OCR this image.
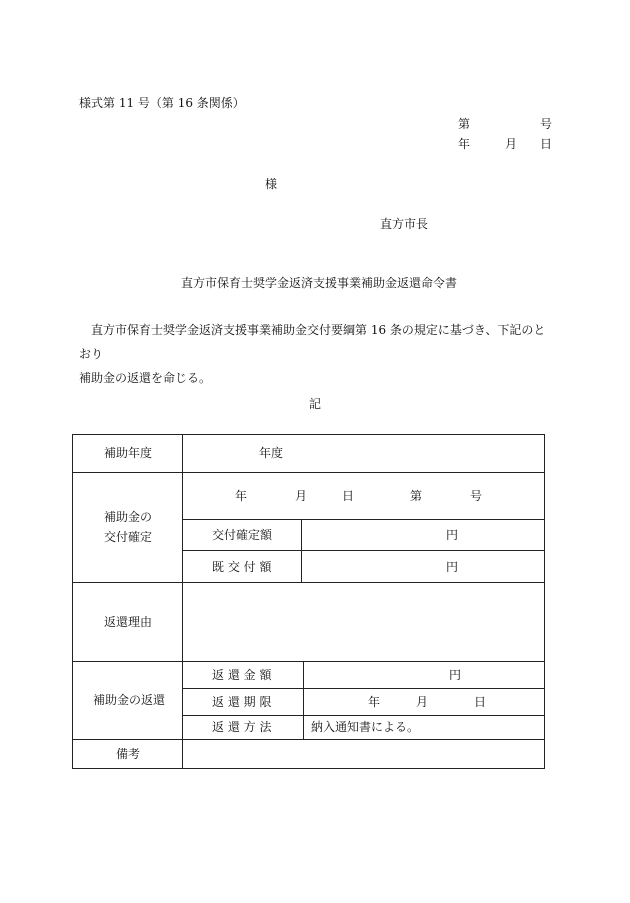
様式第 11 号（第 16 条関係）
第	号
年	月 日
様
直方市長
直方市保育士奨学金返済支援事業補助金返還命令書
直方市保育士奨学金返済支援事業補助金交付要綱第 16 条の規定に基づき、下記のとおり
補助金の返還を命じる。
記
補助年度	年度
補助金の
交付確定
年	月	日	第	号
交付確定額	円
既 交 付 額	円
返還理由
補助金の返還
返 還 金 額	円
返 還 期 限	年	月	日
返 還 方 法	納入通知書による。
備考
